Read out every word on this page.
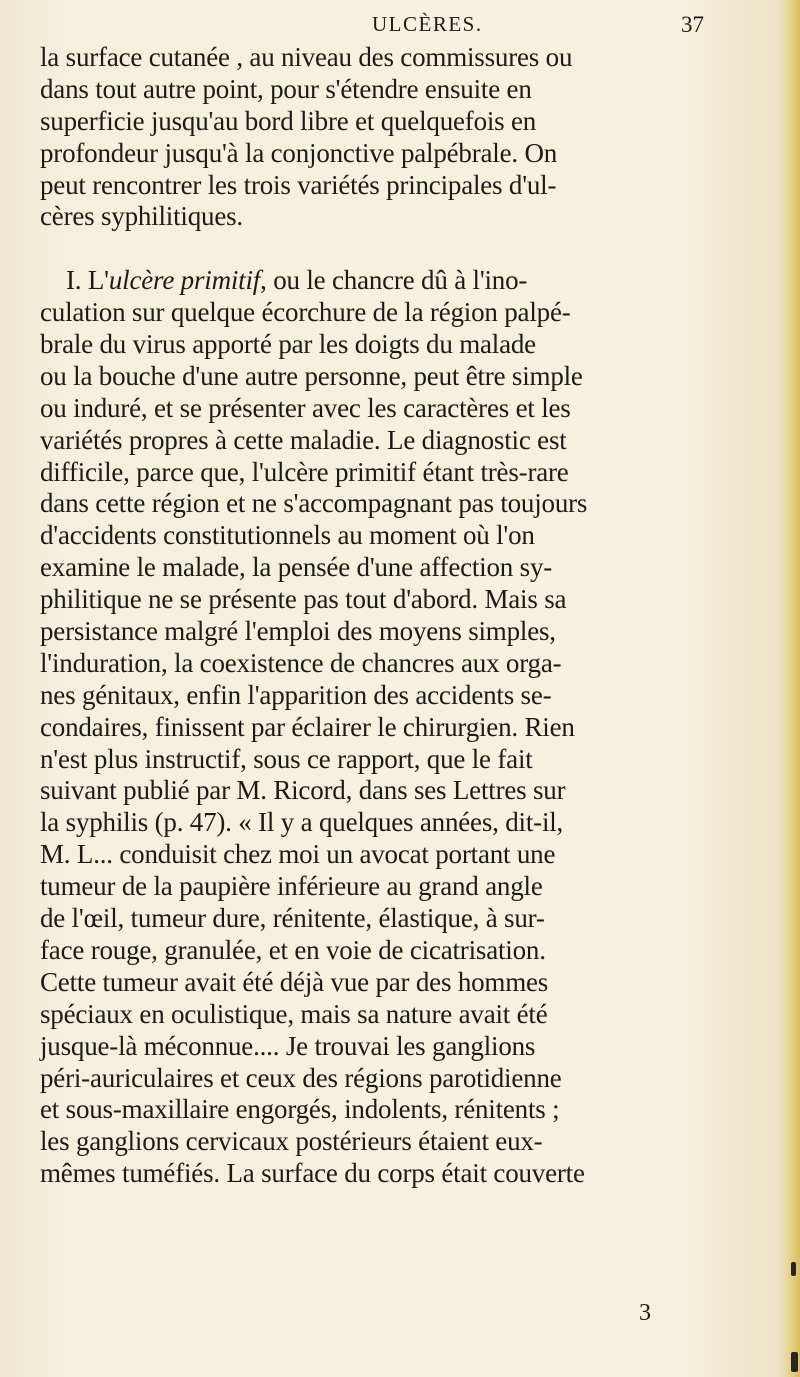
ULCÈRES.	37
la surface cutanée , au niveau des commissures ou
dans tout autre point, pour s'étendre ensuite en
superficie jusqu'au bord libre et quelquefois en
profondeur jusqu'à la conjonctive palpébrale. On
peut rencontrer les trois variétés principales d'ul-
cères syphilitiques.
I. L'ulcère primitif, ou le chancre dû à l'ino-
culation sur quelque écorchure de la région palpé-
brale du virus apporté par les doigts du malade
ou la bouche d'une autre personne, peut être simple
ou induré, et se présenter avec les caractères et les
variétés propres à cette maladie. Le diagnostic est
difficile, parce que, l'ulcère primitif étant très-rare
dans cette région et ne s'accompagnant pas toujours
d'accidents constitutionnels au moment où l'on
examine le malade, la pensée d'une affection sy-
philitique ne se présente pas tout d'abord. Mais sa
persistance malgré l'emploi des moyens simples,
l'induration, la coexistence de chancres aux orga-
nes génitaux, enfin l'apparition des accidents se-
condaires, finissent par éclairer le chirurgien. Rien
n'est plus instructif, sous ce rapport, que le fait
suivant publié par M. Ricord, dans ses Lettres sur
la syphilis (p. 47). « Il y a quelques années, dit-il,
M. L... conduisit chez moi un avocat portant une
tumeur de la paupière inférieure au grand angle
de l'œil, tumeur dure, rénitente, élastique, à sur-
face rouge, granulée, et en voie de cicatrisation.
Cette tumeur avait été déjà vue par des hommes
spéciaux en oculistique, mais sa nature avait été
jusque-là méconnue.... Je trouvai les ganglions
péri-auriculaires et ceux des régions parotidienne
et sous-maxillaire engorgés, indolents, rénitents ;
les ganglions cervicaux postérieurs étaient eux-
mêmes tuméfiés. La surface du corps était couverte
3
